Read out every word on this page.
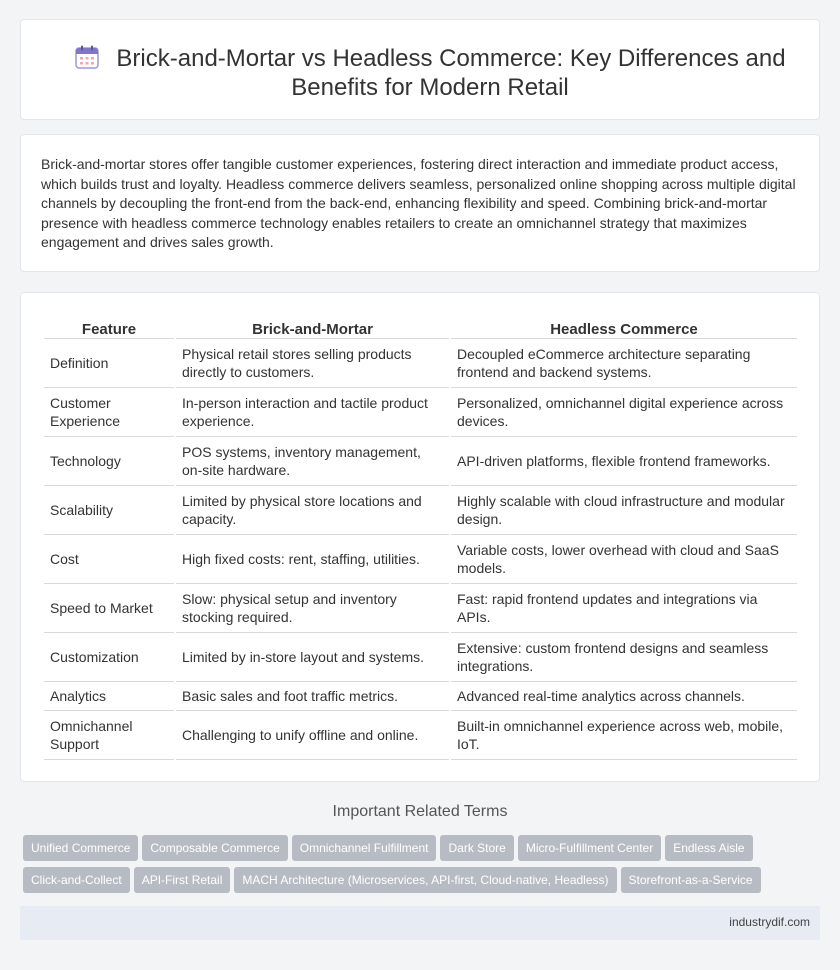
Brick-and-Mortar vs Headless Commerce: Key Differences and Benefits for Modern Retail

Brick-and-mortar stores offer tangible customer experiences, fostering direct interaction and immediate product access, which builds trust and loyalty. Headless commerce delivers seamless, personalized online shopping across multiple digital channels by decoupling the front-end from the back-end, enhancing flexibility and speed. Combining brick-and-mortar presence with headless commerce technology enables retailers to create an omnichannel strategy that maximizes engagement and drives sales growth.

Feature	Brick-and-Mortar	Headless Commerce
Definition	Physical retail stores selling products directly to customers.	Decoupled eCommerce architecture separating frontend and backend systems.
Customer Experience	In-person interaction and tactile product experience.	Personalized, omnichannel digital experience across devices.
Technology	POS systems, inventory management, on-site hardware.	API-driven platforms, flexible frontend frameworks.
Scalability	Limited by physical store locations and capacity.	Highly scalable with cloud infrastructure and modular design.
Cost	High fixed costs: rent, staffing, utilities.	Variable costs, lower overhead with cloud and SaaS models.
Speed to Market	Slow: physical setup and inventory stocking required.	Fast: rapid frontend updates and integrations via APIs.
Customization	Limited by in-store layout and systems.	Extensive: custom frontend designs and seamless integrations.
Analytics	Basic sales and foot traffic metrics.	Advanced real-time analytics across channels.
Omnichannel Support	Challenging to unify offline and online.	Built-in omnichannel experience across web, mobile, IoT.
Important Related Terms
Unified Commerce Composable Commerce Omnichannel Fulfillment Dark Store Micro-Fulfillment Center Endless AisleClick-and-Collect API-First Retail MACH Architecture (Microservices, API-first, Cloud-native, Headless) Storefront-as-a-Service
industrydif.com
